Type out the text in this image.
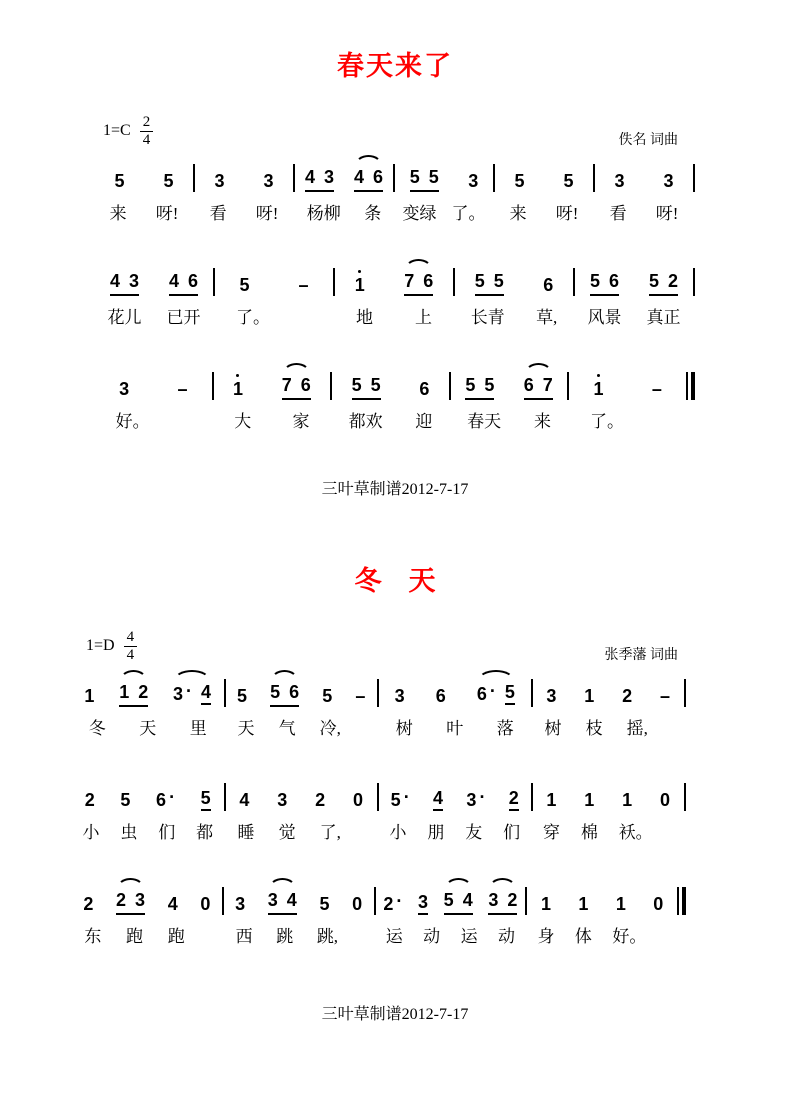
春天来了
$1=C \frac{2}{4}$	佚名 词曲
5 5
来 呀!
3 3
看 呀!
4 3 4 6
杨柳 条
5 5 3
变绿 了。
5 5
来 呀!
3 3
看 呀!
4 3 4 6
花儿 已开
5	–
了。
1 7 6
地 上
5 5 6
长青 草,
5 6 5 2
风景 真正
3	–
好。
1 7 6
大 家
5 5 6
都欢 迎
5 5 6 7
春天 来
1	–
了。
三叶草制谱2012-7-17
冬　天
$1=D \frac{4}{4}$	张季藩 词曲
1 1 2 3 · 4
冬 天 里
5 5 6 5 –
天 气 冷,
3 6 6 · 5
树 叶 落
3 1 2 –
树 枝 摇,
2 5 6 · 5
小 虫 们 都
4 3 2 0
睡 觉 了,
5 · 4 3 · 2
小 朋 友 们
1 1 1 0
穿 棉 袄。
2 2 3 4 0
东 跑 跑
3 3 4 5 0
西 跳 跳,
2 · 3 5 4 3 2
运 动 运 动
1 1 1 0
身 体 好。
三叶草制谱2012-7-17
